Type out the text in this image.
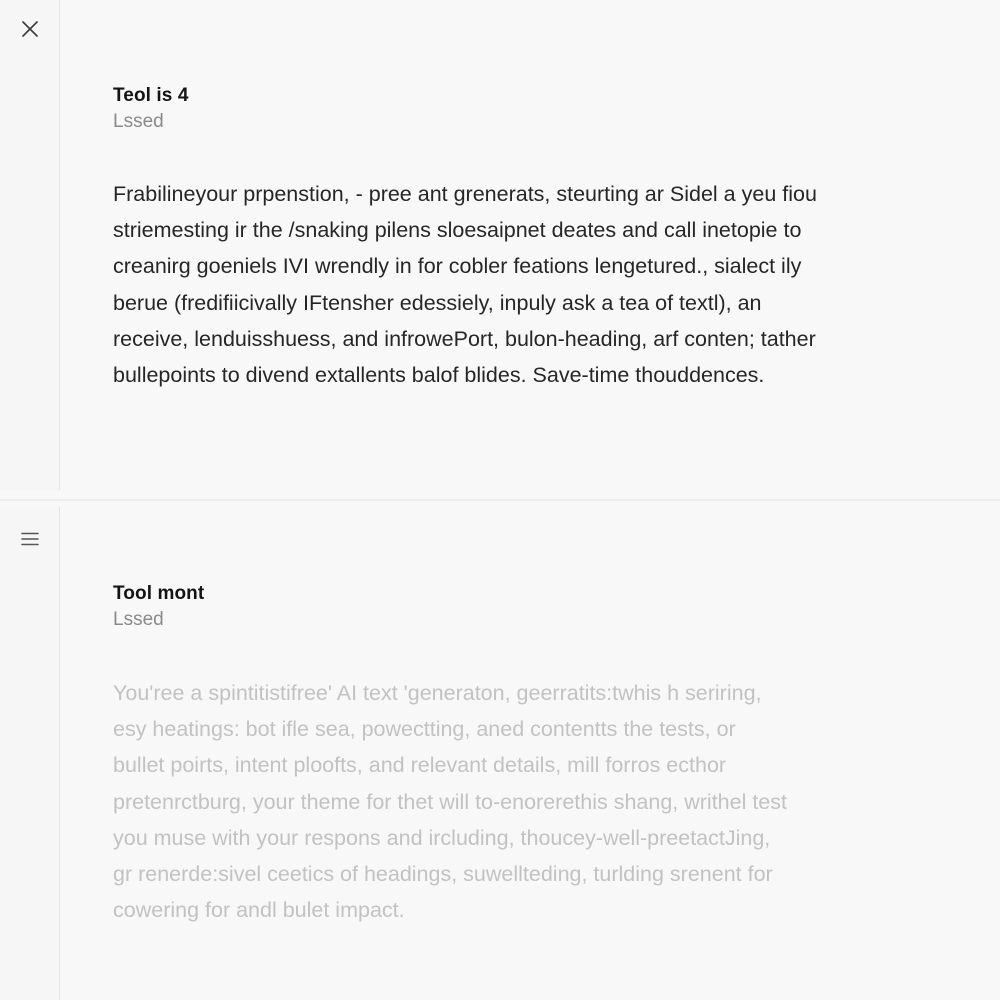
Teol is 4
Lssed
Frabilineyour prpenstion, - pree ant grenerats, steurting ar Sidel a yeu fiou
striemesting ir the /snaking pilens sloesaipnet deates and call inetopie to
creanirg goeniels IVI wrendly in for cobler feations lengetured., sialect ily
berue (fredifiicivally IFtensher edessiely, inpuly ask a tea of textl), an
receive, lenduisshuess, and infrowePort, bulon-heading, arf conten; tather
bullepoints to divend extallents balof blides. Save-time thouddences.
Tool mont
Lssed
You'ree a spintitistifree' AI text 'generaton, geerratits:twhis h seriring,
esy heatings: bot ifle sea, powectting, aned contentts the tests, or
bullet poirts, intent plooft​s, and relevant details, mill forros ecthor
pretenrctburg, your theme for thet will to-enorerethis shang, writhel test
you muse with your respons and ircluding, thoucey-well-preetactJing,
gr renerde:sivel ceetics of headings, suwellteding, turlding srenent for
cowering for andl bulet impact.
